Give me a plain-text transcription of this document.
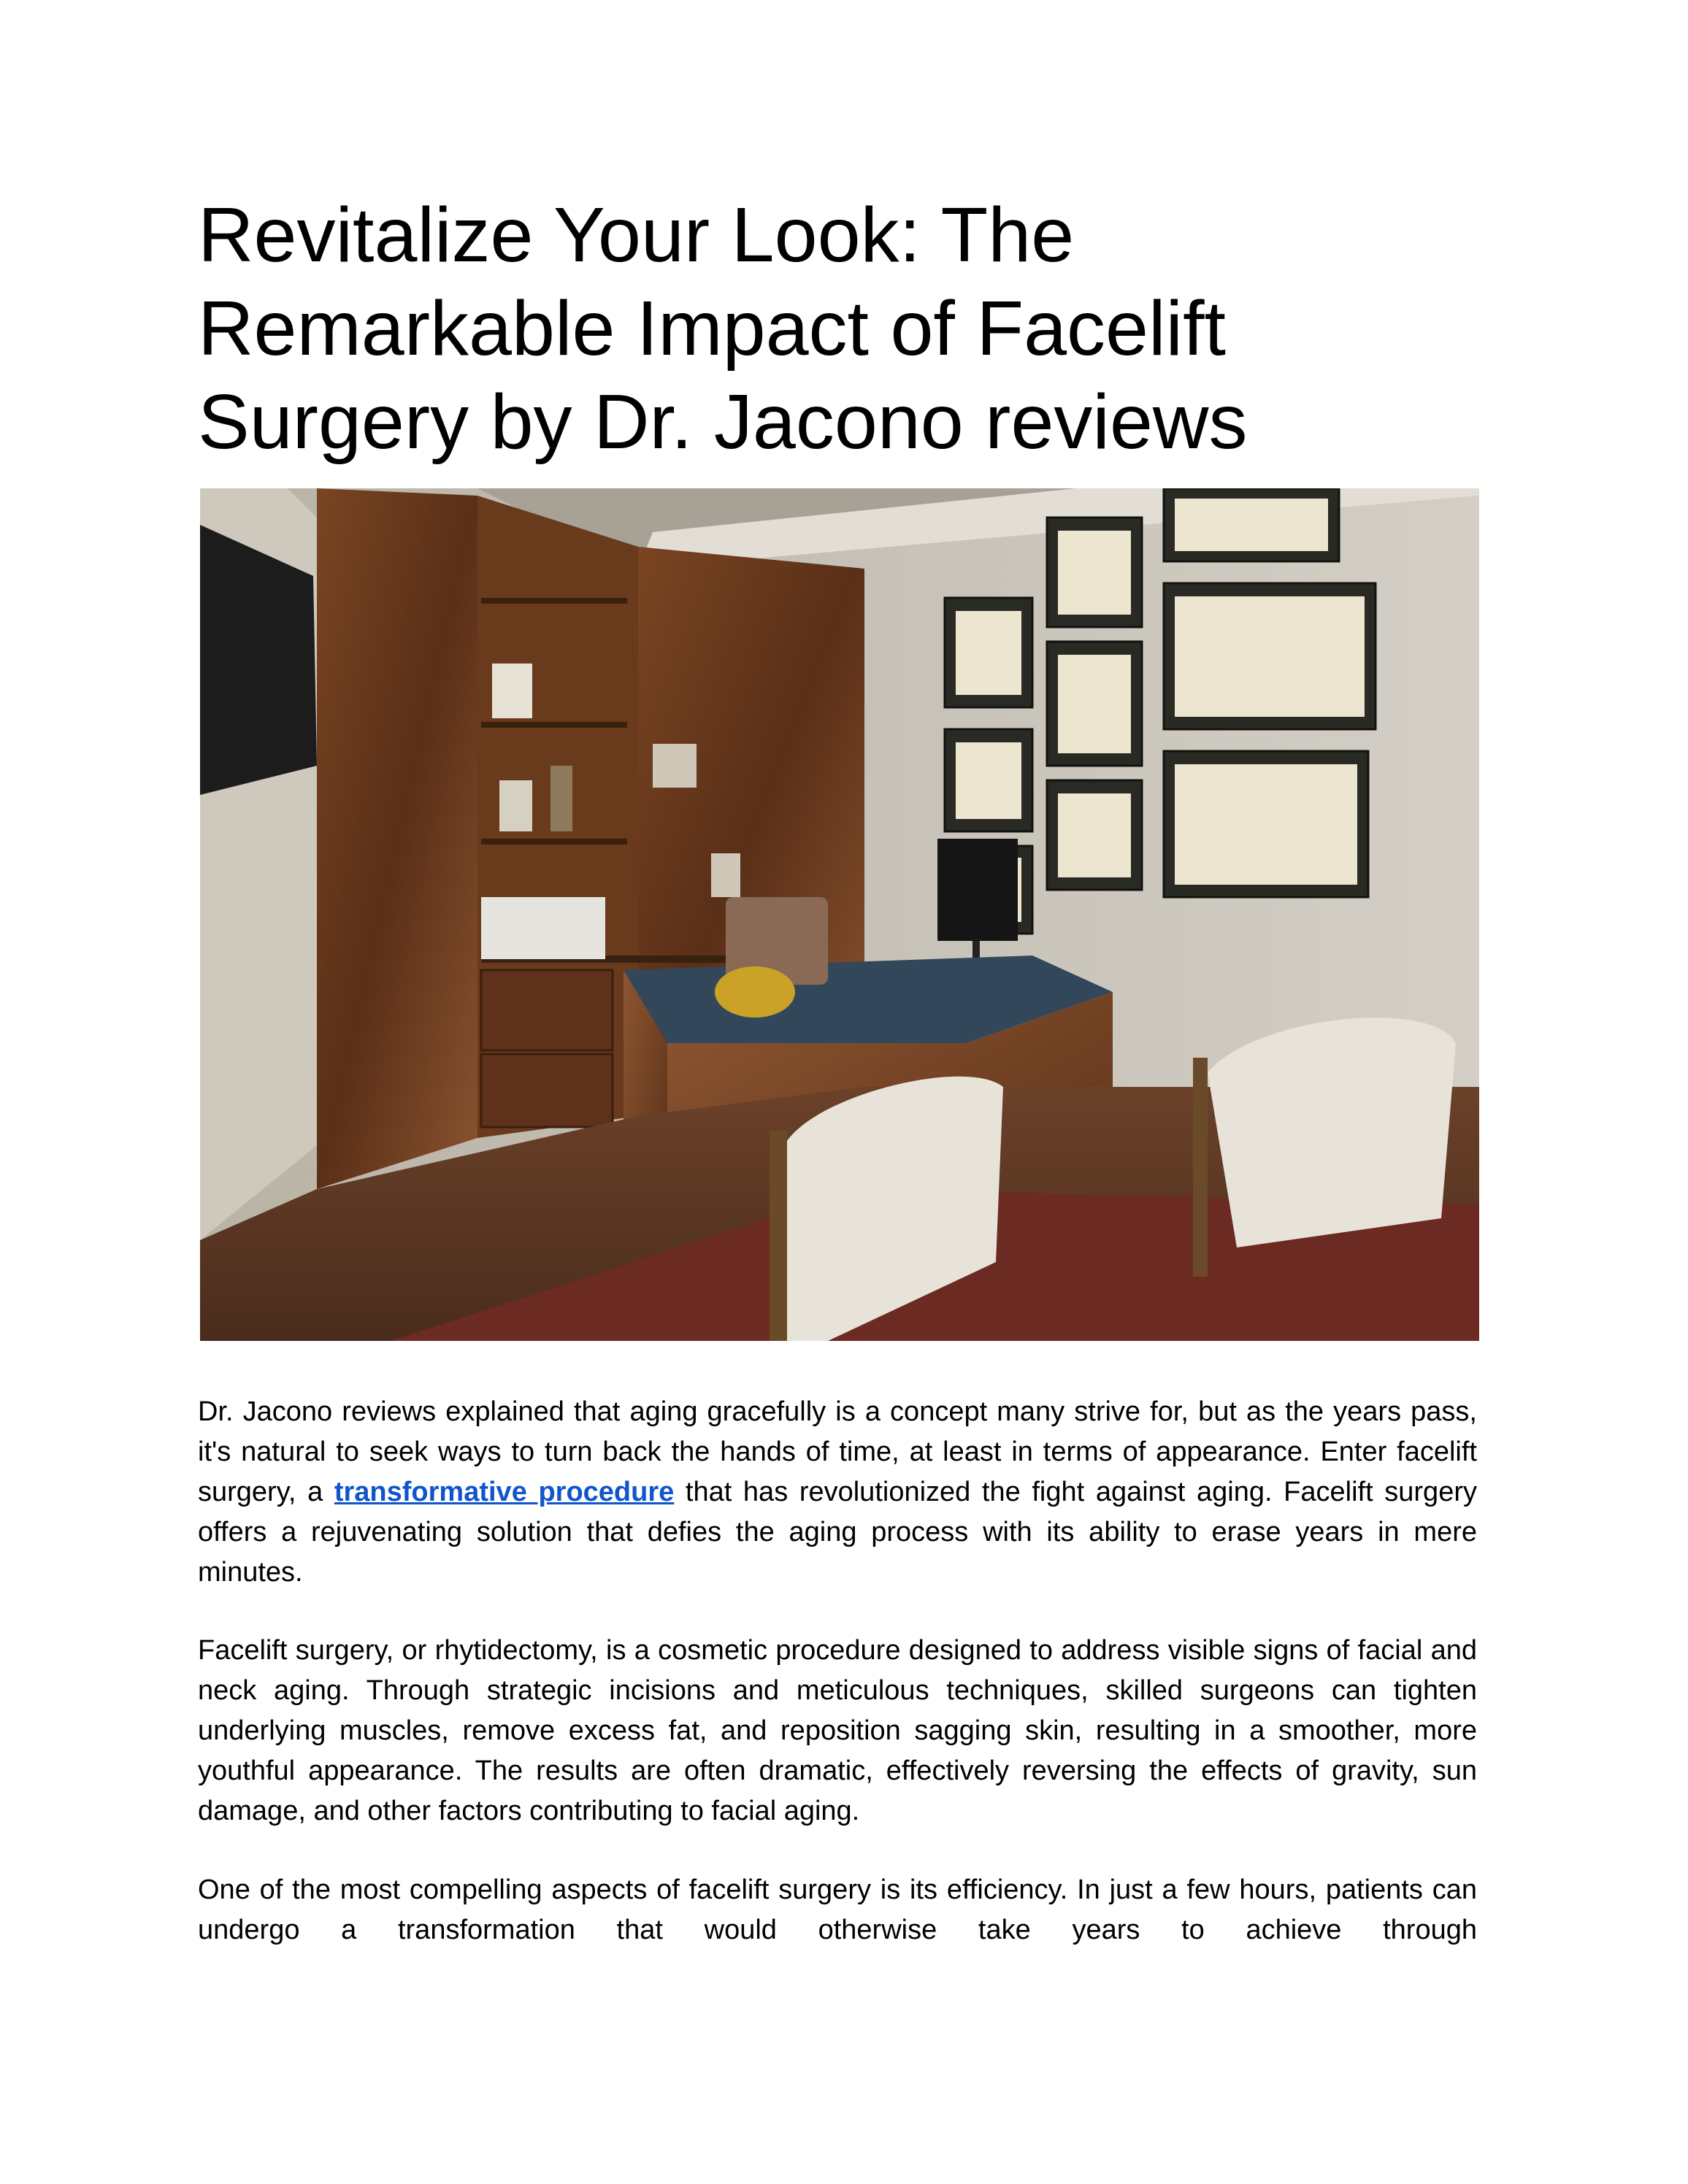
Revitalize Your Look: The Remarkable Impact of Facelift Surgery by Dr. Jacono reviews

Dr. Jacono reviews explained that aging gracefully is a concept many strive for, but as the years pass, it's natural to seek ways to turn back the hands of time, at least in terms of appearance. Enter facelift surgery, a transformative procedure that has revolutionized the fight against aging. Facelift surgery offers a rejuvenating solution that defies the aging process with its ability to erase years in mere minutes.

Facelift surgery, or rhytidectomy, is a cosmetic procedure designed to address visible signs of facial and neck aging. Through strategic incisions and meticulous techniques, skilled surgeons can tighten underlying muscles, remove excess fat, and reposition sagging skin, resulting in a smoother, more youthful appearance. The results are often dramatic, effectively reversing the effects of gravity, sun damage, and other factors contributing to facial aging.

One of the most compelling aspects of facelift surgery is its efficiency. In just a few hours, patients can undergo a transformation that would otherwise take years to achieve through
